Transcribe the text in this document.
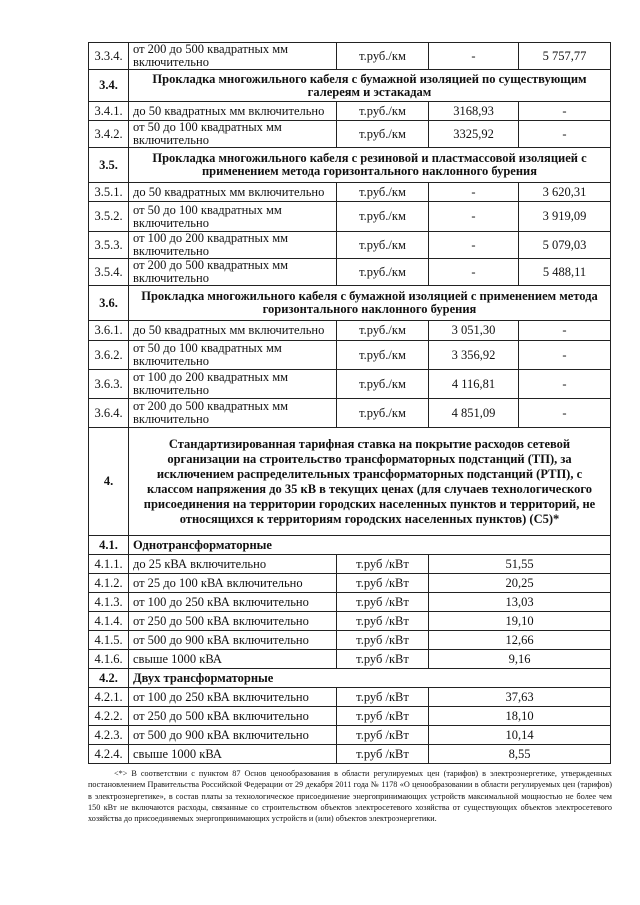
3.3.4.	от 200 до 500 квадратных мм включительно	т.руб./км	-	5 757,77
3.4.	Прокладка многожильного кабеля с бумажной изоляцией по существующим галереям и эстакадам			
3.4.1.	до 50 квадратных мм включительно	т.руб./км	3168,93	-
3.4.2.	от 50 до 100 квадратных мм включительно	т.руб./км	3325,92	-
3.5.	Прокладка многожильного кабеля с резиновой и пластмассовой изоляцией с применением метода горизонтального наклонного бурения			
3.5.1.	до 50 квадратных мм включительно	т.руб./км	-	3 620,31
3.5.2.	от 50 до 100 квадратных мм включительно	т.руб./км	-	3 919,09
3.5.3.	от 100 до 200 квадратных мм включительно	т.руб./км	-	5 079,03
3.5.4.	от 200 до 500 квадратных мм включительно	т.руб./км	-	5 488,11
3.6.	Прокладка многожильного кабеля с бумажной изоляцией с применением метода горизонтального наклонного бурения			
3.6.1.	до 50 квадратных мм включительно	т.руб./км	3 051,30	-
3.6.2.	от 50 до 100 квадратных мм включительно	т.руб./км	3 356,92	-
3.6.3.	от 100 до 200 квадратных мм включительно	т.руб./км	4 116,81	-
3.6.4.	от 200 до 500 квадратных мм включительно	т.руб./км	4 851,09	-
4.	Стандартизированная тарифная ставка на покрытие расходов сетевой организации на строительство трансформаторных подстанций (ТП), за исключением распределительных трансформаторных подстанций (РТП), с классом напряжения до 35 кВ в текущих ценах (для случаев технологического присоединения на территории городских населенных пунктов и территорий, не относящихся к территориям городских населенных пунктов) (С5)*			
4.1.	Однотрансформаторные			
4.1.1.	до 25 кВА включительно	т.руб /кВт	51,55	
4.1.2.	от 25 до 100 кВА включительно	т.руб /кВт	20,25	
4.1.3.	от 100 до 250 кВА включительно	т.руб /кВт	13,03	
4.1.4.	от 250 до 500 кВА включительно	т.руб /кВт	19,10	
4.1.5.	от 500 до 900 кВА включительно	т.руб /кВт	12,66	
4.1.6.	свыше 1000 кВА	т.руб /кВт	9,16	
4.2.	Двух трансформаторные			
4.2.1.	от 100 до 250 кВА включительно	т.руб /кВт	37,63	
4.2.2.	от 250 до 500 кВА включительно	т.руб /кВт	18,10	
4.2.3.	от 500 до 900 кВА включительно	т.руб /кВт	10,14	
4.2.4.	свыше 1000 кВА	т.руб /кВт	8,55	

<*> В соответствии с пунктом 87 Основ ценообразования в области регулируемых цен (тарифов) в электроэнергетике, утвержденных постановлением Правительства Российской Федерации от 29 декабря 2011 года № 1178 «О ценообразовании в области регулируемых цен (тарифов) в электроэнергетике», в состав платы за технологическое присоединение энергопринимающих устройств максимальной мощностью не более чем 150 кВт не включаются расходы, связанные со строительством объектов электросетевого хозяйства от существующих объектов электросетевого хозяйства до присоединяемых энергопринимающих устройств и (или) объектов электроэнергетики.
